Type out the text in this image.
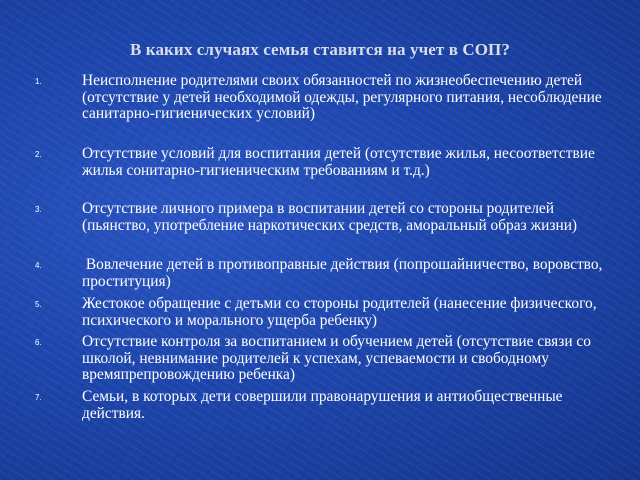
В каких случаях семья ставится на учет в СОП?
1.	Неисполнение родителями своих обязанностей по жизнеобеспечению детей (отсутствие у детей необходимой одежды, регулярного питания, несоблюдение санитарно-гигиенических условий)
2.	Отсутствие условий для воспитания детей (отсутствие жилья, несоответствие жилья сонитарно-гигиеническим требованиям и т.д.)
3.	Отсутствие личного примера в воспитании детей со стороны родителей (пьянство, употребление наркотических средств, аморальный образ жизни)
4.	Вовлечение детей в противоправные действия (попрошайничество, воровство, проституция)
5.	Жестокое обращение с детьми со стороны родителей (нанесение физического, психического и морального ущерба ребенку)
6.	Отсутствие контроля за воспитанием и обучением детей (отсутствие связи со школой, невнимание родителей к успехам, успеваемости и свободному времяпрепровождению ребенка)
7.	Семьи, в которых дети совершили правонарушения и антиобщественные действия.
